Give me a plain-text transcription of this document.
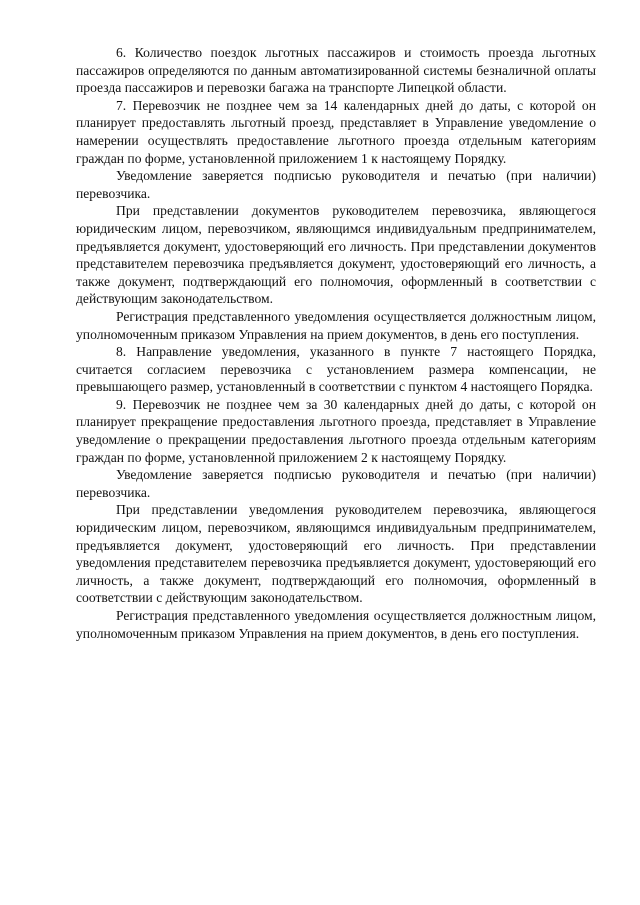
6. Количество поездок льготных пассажиров и стоимость проезда льготных пассажиров определяются по данным автоматизированной системы безналичной оплаты проезда пассажиров и перевозки багажа на транспорте Липецкой области.

7. Перевозчик не позднее чем за 14 календарных дней до даты, с которой он планирует предоставлять льготный проезд, представляет в Управление уведомление о намерении осуществлять предоставление льготного проезда отдельным категориям граждан по форме, установленной приложением 1 к настоящему Порядку.

Уведомление заверяется подписью руководителя и печатью (при наличии) перевозчика.

При представлении документов руководителем перевозчика, являющегося юридическим лицом, перевозчиком, являющимся индивидуальным предпринимателем, предъявляется документ, удостоверяющий его личность. При представлении документов представителем перевозчика предъявляется документ, удостоверяющий его личность, а также документ, подтверждающий его полномочия, оформленный в соответствии с действующим законодательством.

Регистрация представленного уведомления осуществляется должностным лицом, уполномоченным приказом Управления на прием документов, в день его поступления.

8. Направление уведомления, указанного в пункте 7 настоящего Порядка, считается согласием перевозчика с установлением размера компенсации, не превышающего размер, установленный в соответствии с пунктом 4 настоящего Порядка.

9. Перевозчик не позднее чем за 30 календарных дней до даты, с которой он планирует прекращение предоставления льготного проезда, представляет в Управление уведомление о прекращении предоставления льготного проезда отдельным категориям граждан по форме, установленной приложением 2 к настоящему Порядку.

Уведомление заверяется подписью руководителя и печатью (при наличии) перевозчика.

При представлении уведомления руководителем перевозчика, являющегося юридическим лицом, перевозчиком, являющимся индивидуальным предпринимателем, предъявляется документ, удостоверяющий его личность. При представлении уведомления представителем перевозчика предъявляется документ, удостоверяющий его личность, а также документ, подтверждающий его полномочия, оформленный в соответствии с действующим законодательством.

Регистрация представленного уведомления осуществляется должностным лицом, уполномоченным приказом Управления на прием документов, в день его поступления.
